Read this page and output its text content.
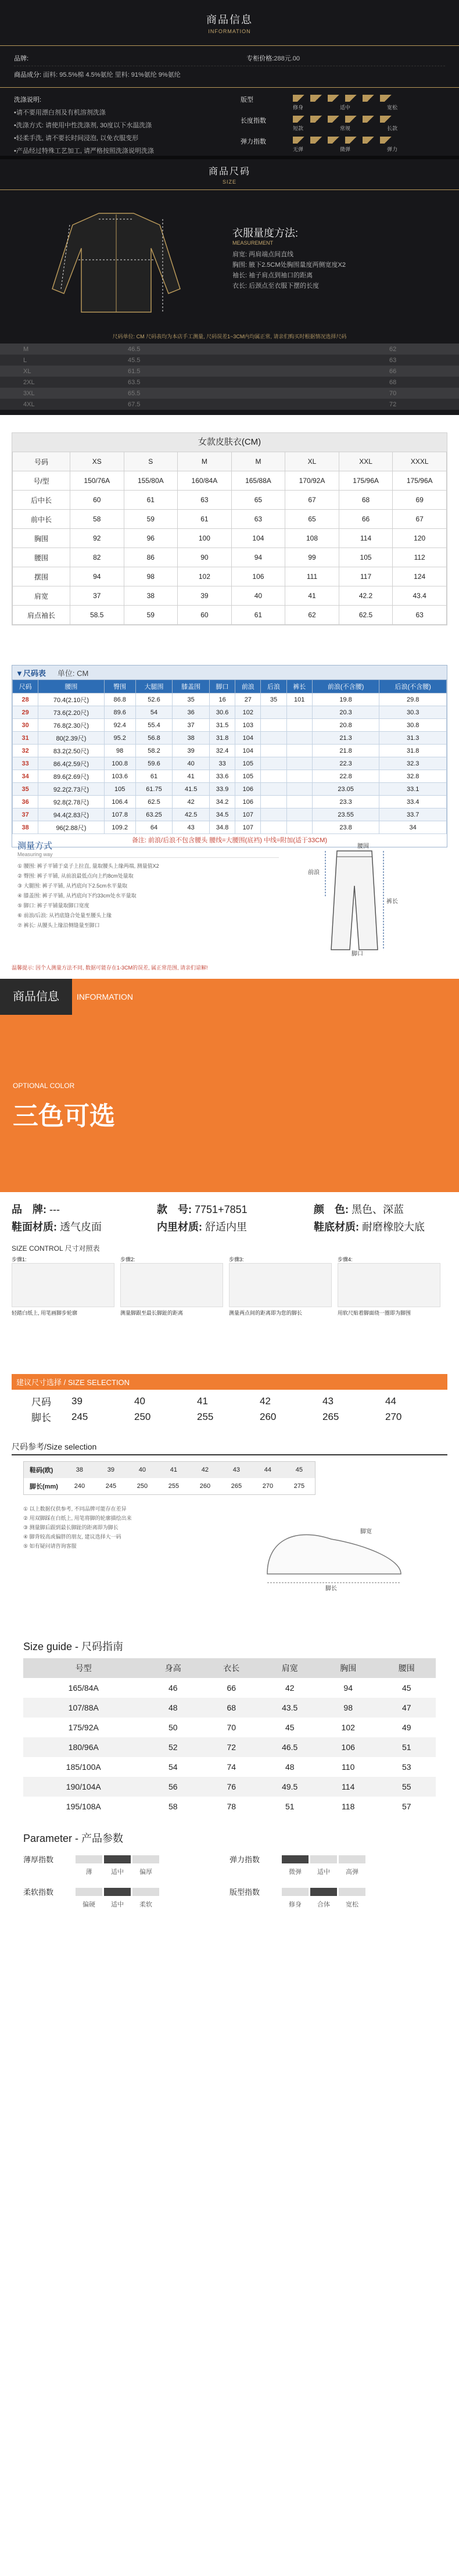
商品信息
INFORMATION
品牌:	专柜价格:288元.00
商品成分:
面料: 95.5%棉 4.5%氨纶 里料: 91%氨纶 9%氨纶
洗涤说明:
•请不要用漂白剂及有机溶剂洗涤
•洗涤方式: 请使用中性洗涤剂, 30度以下水温洗涤
•轻柔手洗, 请不要长时间浸泡, 以免衣服变形
•产品经过特殊工艺加工, 请严格按照洗涤说明洗涤
版型
修身	适中	宽松
长度指数
短款	常规	长款
弹力指数
无弹	微弹	弹力
商品尺码
SIZE
衣服量度方法:
MEASUREMENT
肩宽: 两肩端点间直线
胸围: 腋下2.5CM处胸围量度两侧宽度X2
袖长: 袖子肩点到袖口的距离
衣长: 后颈点至衣服下摆的长度
尺码单位: CM 尺码表均为本店手工测量, 尺码误差1~3CM内均属正常, 请亲们购买时根据情况选择尺码
M	46.5	62
L	45.5	63
XL	61.5	66
2XL	63.5	68
3XL	65.5	70
4XL	67.5	72
女款皮肤衣(CM)
号码	XS	S	M	M	XL	XXL	XXXL
号/型	150/76A	155/80A	160/84A	165/88A	170/92A	175/96A	175/96A
后中长	60	61	63	65	67	68	69
前中长	58	59	61	63	65	66	67
胸围	92	96	100	104	108	114	120
腰围	82	86	90	94	99	105	112
摆围	94	98	102	106	111	117	124
肩宽	37	38	39	40	41	42.2	43.4
肩点袖长	58.5	59	60	61	62	62.5	63
▼尺码表 单位: CM
尺码	腰围	臀围	大腿围	膝盖围	脚口	前浪	后浪	裤长	前浪(不含腰)	后浪(不含腰)
28	70.4(2.10尺)	86.8	52.6	35	16	27	35	101	19.8	29.8
29	73.6(2.20尺)	89.6	54	36	30.6	102			20.3	30.3
30	76.8(2.30尺)	92.4	55.4	37	31.5	103			20.8	30.8
31	80(2.39尺)	95.2	56.8	38	31.8	104			21.3	31.3
32	83.2(2.50尺)	98	58.2	39	32.4	104			21.8	31.8
33	86.4(2.59尺)	100.8	59.6	40	33	105			22.3	32.3
34	89.6(2.69尺)	103.6	61	41	33.6	105			22.8	32.8
35	92.2(2.73尺)	105	61.75	41.5	33.9	106			23.05	33.1
36	92.8(2.78尺)	106.4	62.5	42	34.2	106			23.3	33.4
37	94.4(2.83尺)	107.8	63.25	42.5	34.5	107			23.55	33.7
38	96(2.88尺)	109.2	64	43	34.8	107			23.8	34
备注: 前浪/后浪不包含腰头 腰线=大腰围(底裆) 中线=附加(适于33CM)
测量方式
Measuring way
① 腰围: 裤子平铺于桌子上拉直, 量取腰头上缘两端, 测量值X2
② 臀围: 裤子平铺, 从前浪最低点向上约8cm处量取
③ 大腿围: 裤子平铺, 从裆底向下2.5cm水平量取
④ 膝盖围: 裤子平铺, 从裆底向下约33cm处水平量取
⑤ 脚口: 裤子平铺量取脚口宽度
⑥ 前浪/后浪: 从裆底缝合处量至腰头上缘
⑦ 裤长: 从腰头上缘沿侧缝量至脚口
裤长
腰围
前浪
脚口
温馨提示: 因个人测量方法不同, 数据可能存在1-3CM的误差, 属正常范围, 请亲们谅解!
商品信息	INFORMATION
OPTIONAL COLOR
三色可选
品　牌: ---	款　号: 7751+7851	颜　色: 黑色、深蓝
鞋面材质: 透气皮面	内里材质: 舒适内里	鞋底材质: 耐磨橡胶大底
SIZE CONTROL 尺寸对照表
步骤1:
轻踏白纸上, 用笔画脚步轮廓
步骤2:
测量脚跟至最长脚趾的距离
步骤3:
测量两点间的距离即为您的脚长
步骤4:
用软尺贴着脚面绕一圈即为脚围
建议尺寸选择 / SIZE SELECTION
尺码	39	40	41	42	43	44
脚长	245	250	255	260	265	270
尺码参考/Size selection
鞋码(欧)	38	39	40	41	42	43	44	45
脚长(mm)	240	245	250	255	260	265	270	275
① 以上数据仅供参考, 不同品牌可能存在差异
② 用双脚踩在白纸上, 用笔将脚的轮廓描绘出来
③ 测量脚后跟到最长脚趾的距离即为脚长
④ 脚背较高或偏胖的朋友, 建议选择大一码
⑤ 如有疑问请咨询客服
脚长
脚宽
Size guide - 尺码指南
号型	身高	衣长	肩宽	胸围	腰围
165/84A	46	66	42	94	45
107/88A	48	68	43.5	98	47
175/92A	50	70	45	102	49
180/96A	52	72	46.5	106	51
185/100A	54	74	48	110	53
190/104A	56	76	49.5	114	55
195/108A	58	78	51	118	57
Parameter - 产品参数
薄厚指数
薄	适中	偏厚
弹力指数
微弹	适中	高弹
柔软指数
偏硬	适中	柔软
版型指数
修身	合体	宽松
